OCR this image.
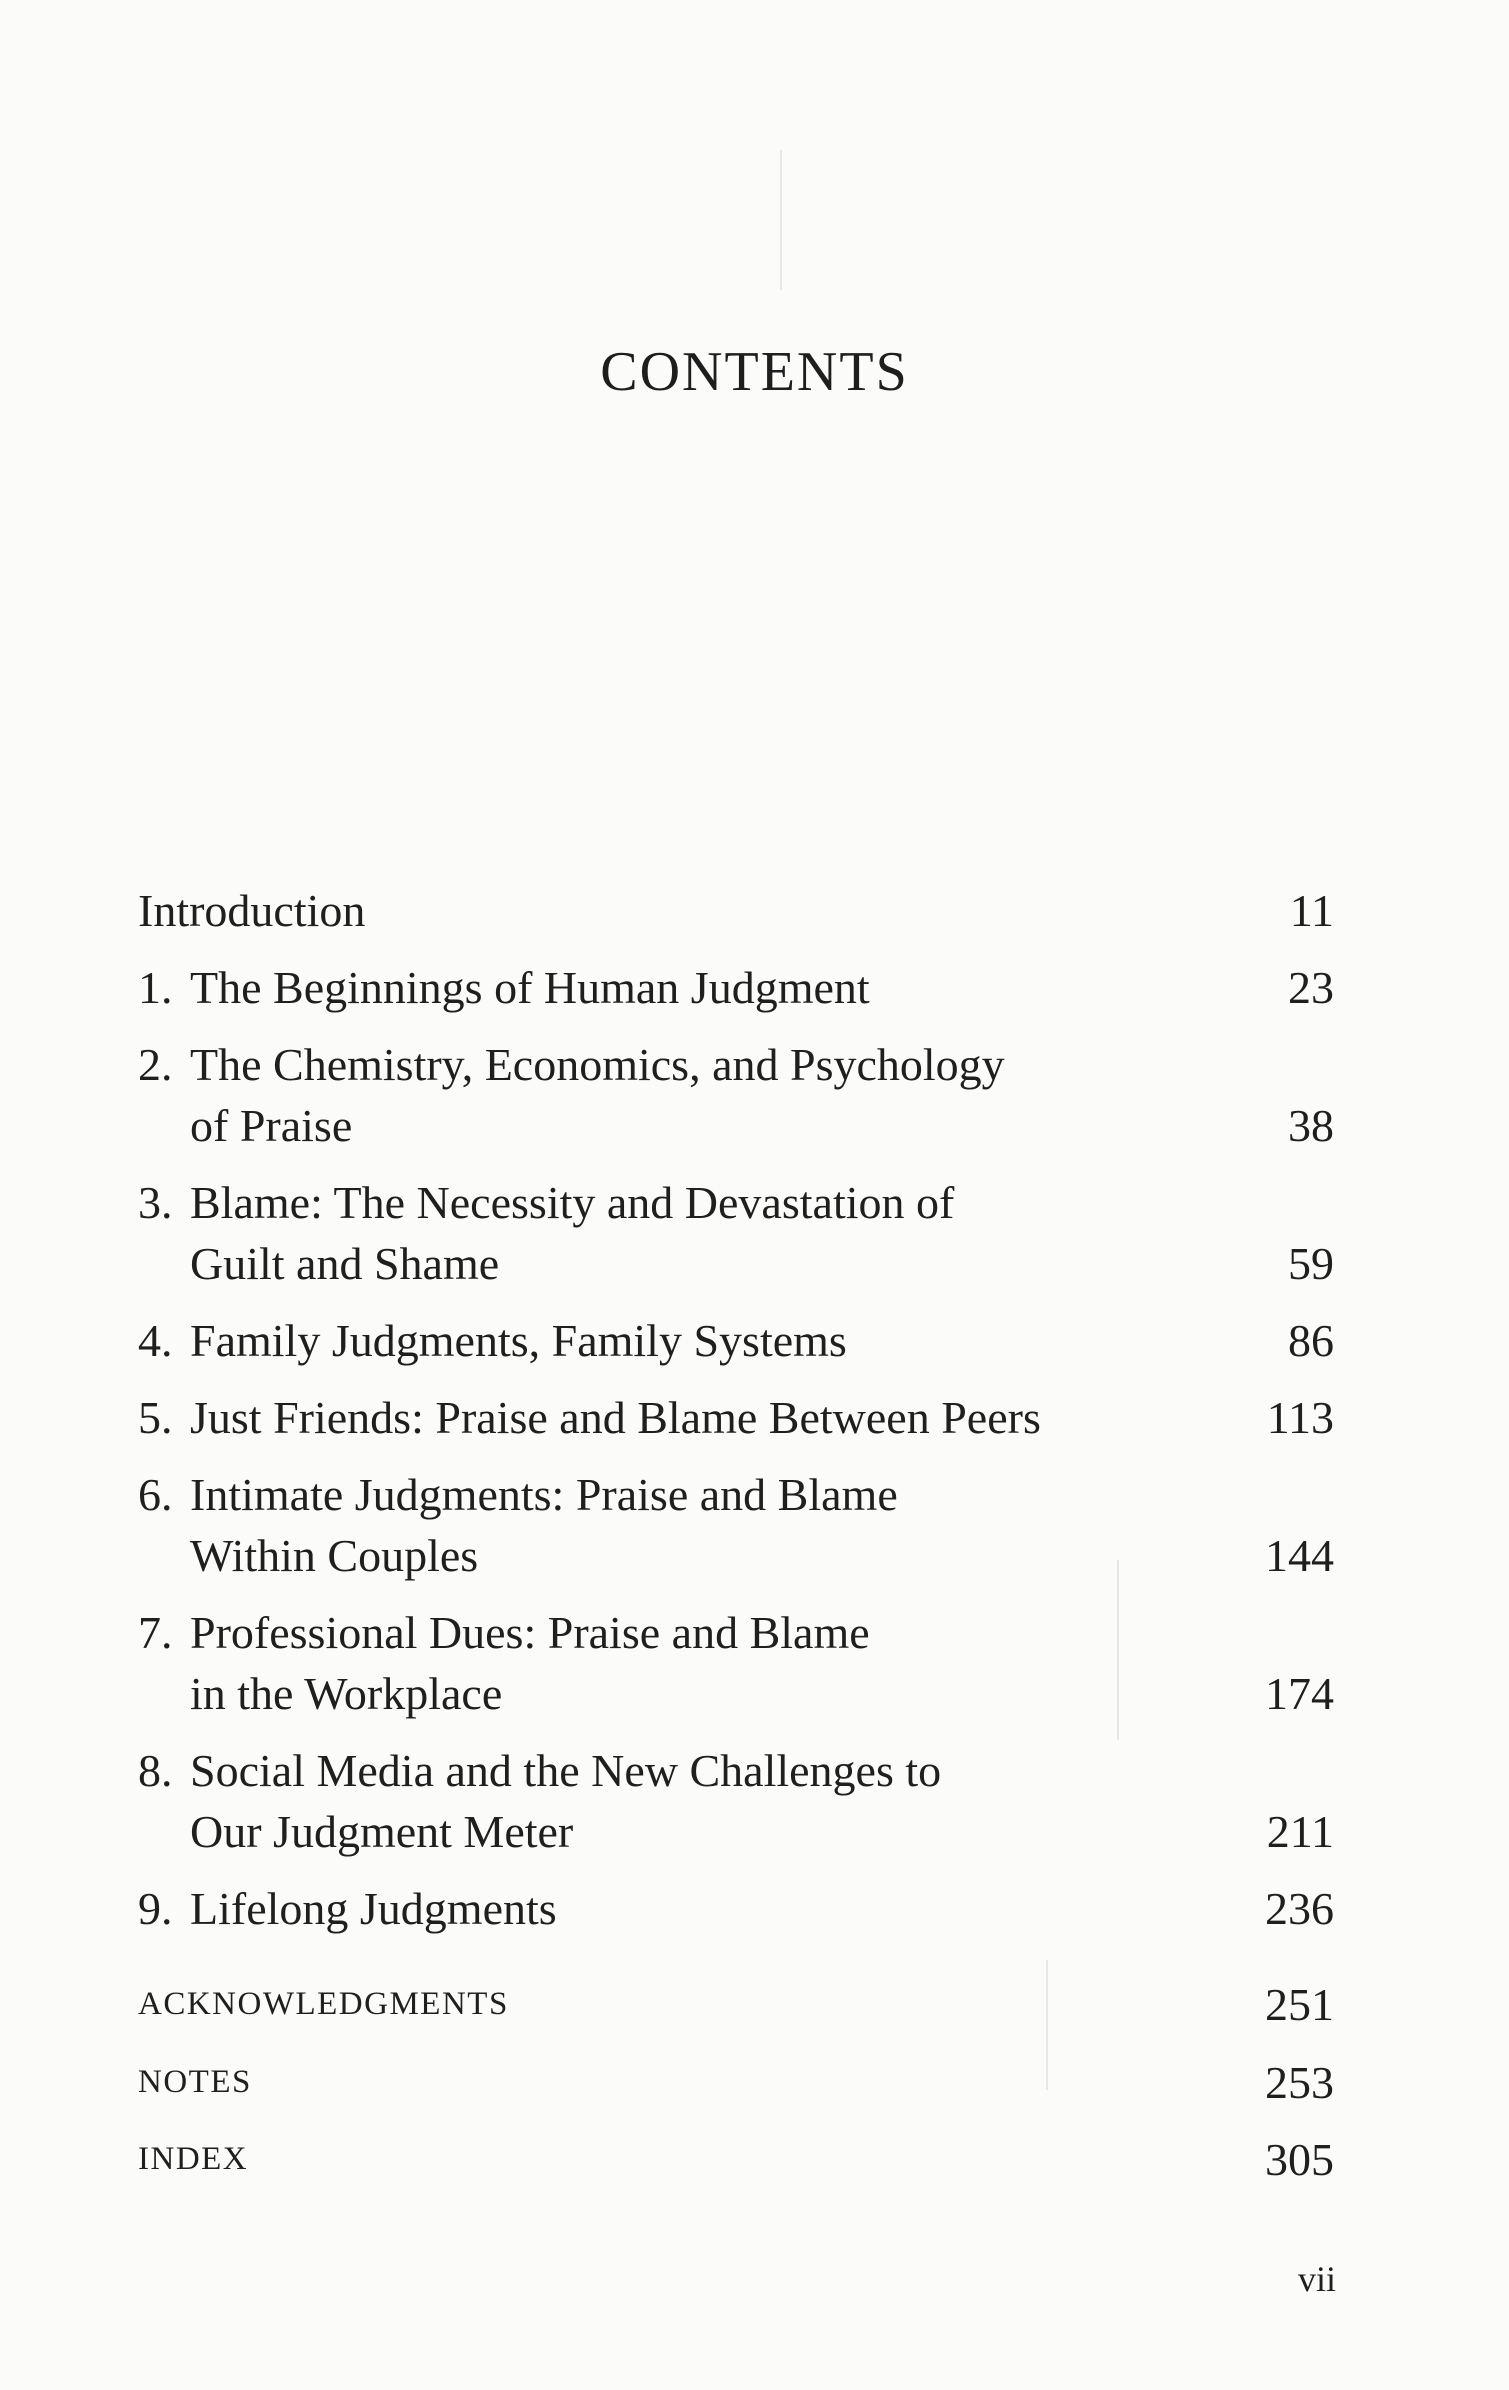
CONTENTS
Introduction	11
1. The Beginnings of Human Judgment	23
2. The Chemistry, Economics, and Psychology
of Praise	38
3. Blame: The Necessity and Devastation of
Guilt and Shame	59
4. Family Judgments, Family Systems	86
5. Just Friends: Praise and Blame Between Peers	113
6. Intimate Judgments: Praise and Blame
Within Couples	144
7. Professional Dues: Praise and Blame
in the Workplace	174
8. Social Media and the New Challenges to
Our Judgment Meter	211
9. Lifelong Judgments	236
ACKNOWLEDGMENTS	251
NOTES	253
INDEX	305
vii
